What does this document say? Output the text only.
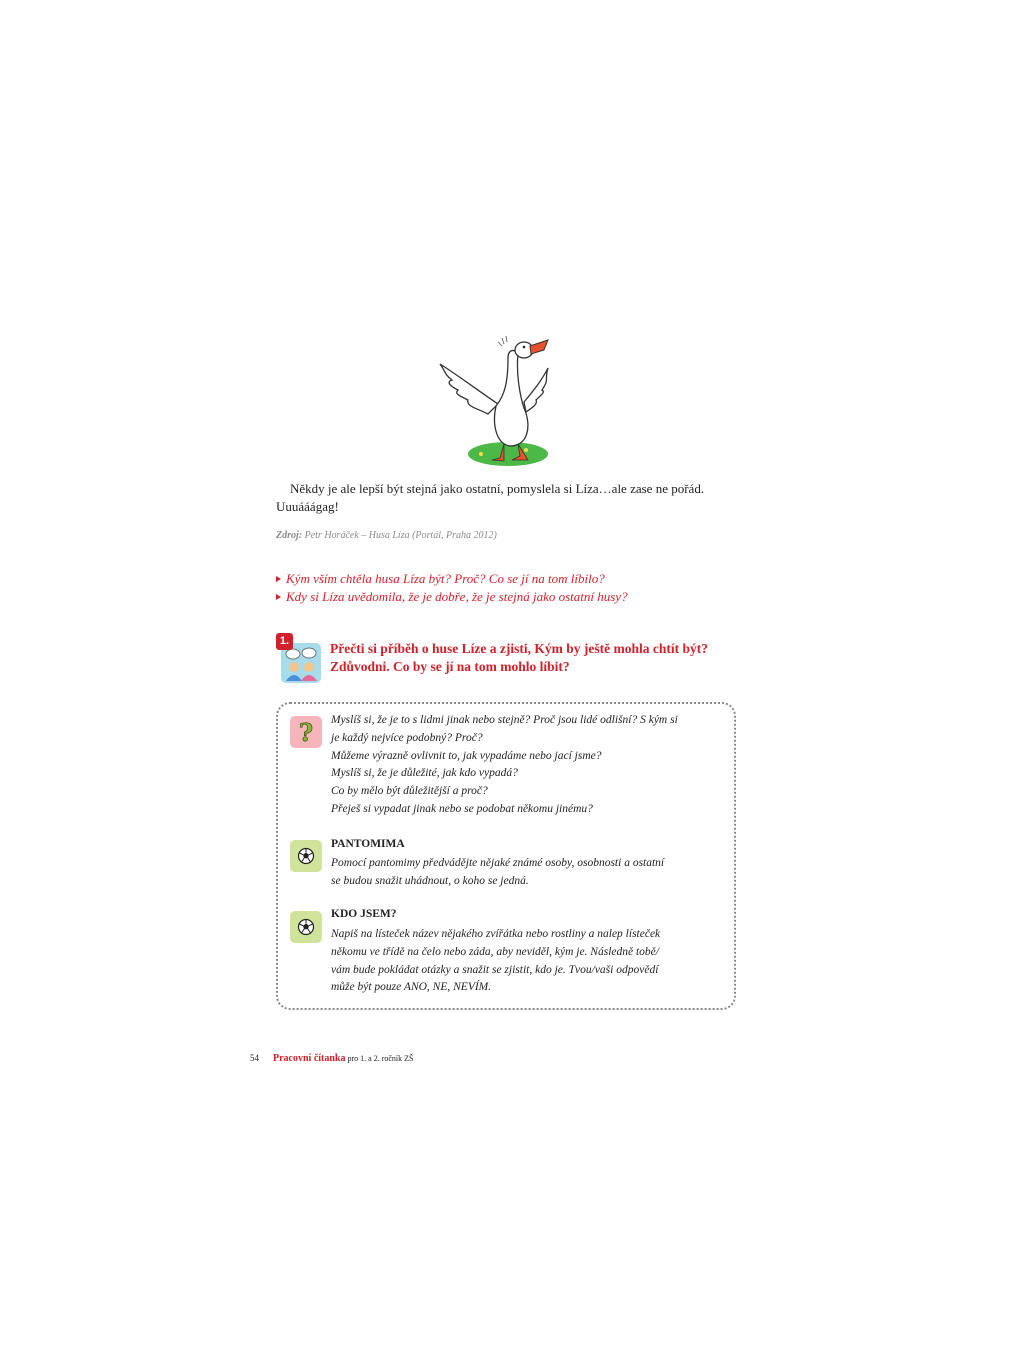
Někdy je ale lepší být stejná jako ostatní, pomyslela si Líza…ale zase ne pořád.
Uuuááágag!
Zdroj: Petr Horáček – Husa Líza (Portál, Praha 2012)
Kým vším chtěla husa Líza být? Proč? Co se jí na tom líbilo?
Kdy si Líza uvědomila, že je dobře, že je stejná jako ostatní husy?
1.	Přečti si příběh o huse Líze a zjisti, Kým by ještě mohla chtít být?
Zdůvodni. Co by se jí na tom mohlo líbit?
? Myslíš si, že je to s lidmi jinak nebo stejně? Proč jsou lidé odlišní? S kým si
je každý nejvíce podobný? Proč?
Můžeme výrazně ovlivnit to, jak vypadáme nebo jací jsme?
Myslíš si, že je důležité, jak kdo vypadá?
Co by mělo být důležitější a proč?
Přeješ si vypadat jinak nebo se podobat někomu jinému?
PANTOMIMA
Pomocí pantomimy předvádějte nějaké známé osoby, osobnosti a ostatní
se budou snažit uhádnout, o koho se jedná.
KDO JSEM?
Napiš na lísteček název nějakého zvířátka nebo rostliny a nalep lísteček
někomu ve třídě na čelo nebo záda, aby neviděl, kým je. Následně tobě/
vám bude pokládat otázky a snažit se zjistit, kdo je. Tvou/vaši odpovědí
může být pouze ANO, NE, NEVÍM.
54 Pracovní čítanka pro 1. a 2. ročník ZŠ
